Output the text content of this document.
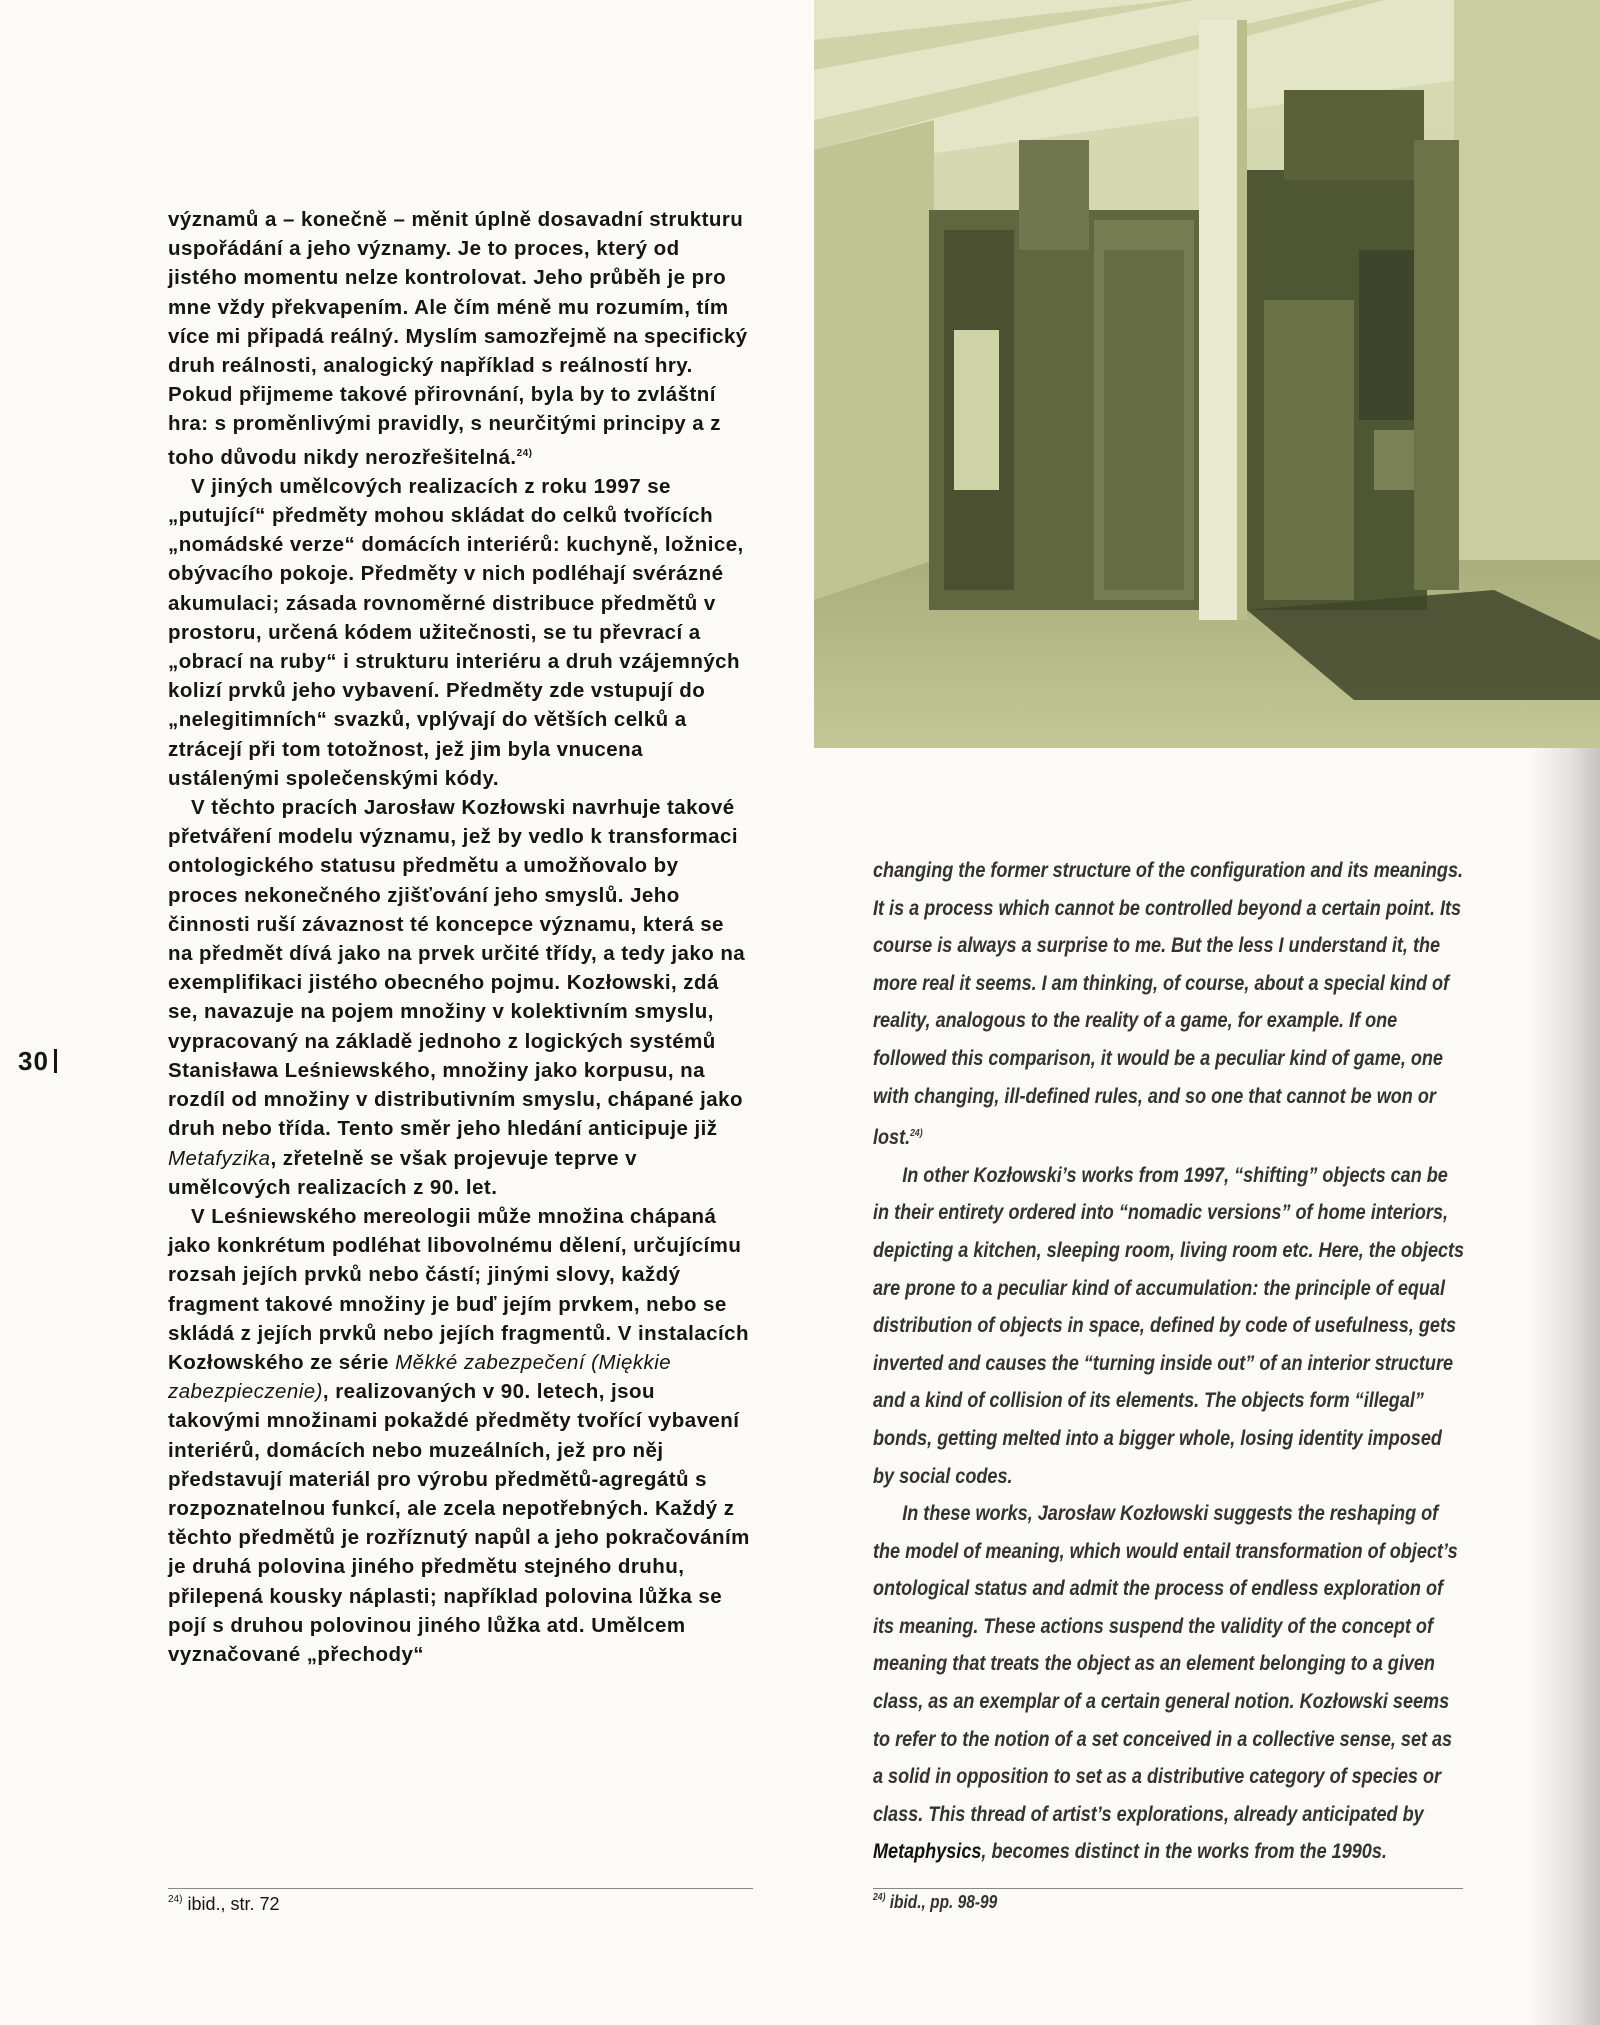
30

významů a – konečně – měnit úplně dosavadní strukturu uspořádání a jeho významy. Je to proces, který od jistého momentu nelze kontrolovat. Jeho průběh je pro mne vždy překvapením. Ale čím méně mu rozumím, tím více mi připadá reálný. Myslím samozřejmě na specifický druh reálnosti, analogický například s reálností hry. Pokud přijmeme takové přirovnání, byla by to zvláštní hra: s proměnlivými pravidly, s neurčitými principy a z toho důvodu nikdy nerozřešitelná.$^{24)}$

V jiných umělcových realizacích z roku 1997 se „putující“ předměty mohou skládat do celků tvořících „nomádské verze“ domácích interiérů: kuchyně, ložnice, obývacího pokoje. Předměty v nich podléhají svérázné akumulaci; zásada rovnoměrné distribuce předmětů v prostoru, určená kódem užitečnosti, se tu převrací a „obrací na ruby“ i strukturu interiéru a druh vzájemných kolizí prvků jeho vybavení. Předměty zde vstupují do „nelegitimních“ svazků, vplývají do větších celků a ztrácejí při tom totožnost, jež jim byla vnucena ustálenými společenskými kódy.

V těchto pracích Jarosław Kozłowski navrhuje takové přetváření modelu významu, jež by vedlo k transformaci ontologického statusu předmětu a umožňovalo by proces nekonečného zjišťování jeho smyslů. Jeho činnosti ruší závaznost té koncepce významu, která se na předmět dívá jako na prvek určité třídy, a tedy jako na exemplifikaci jistého obecného pojmu. Kozłowski, zdá se, navazuje na pojem množiny v kolektivním smyslu, vypracovaný na základě jednoho z logických systémů Stanisława Leśniewského, množiny jako korpusu, na rozdíl od množiny v distributivním smyslu, chápané jako druh nebo třída. Tento směr jeho hledání anticipuje již Metafyzika, zřetelně se však projevuje teprve v umělcových realizacích z 90. let.

V Leśniewského mereologii může množina chápaná jako konkrétum podléhat libovolnému dělení, určujícímu rozsah jejích prvků nebo částí; jinými slovy, každý fragment takové množiny je buď jejím prvkem, nebo se skládá z jejích prvků nebo jejích fragmentů. V instalacích Kozłowského ze série Měkké zabezpečení (Miękkie zabezpieczenie), realizovaných v 90. letech, jsou takovými množinami pokaždé předměty tvořící vybavení interiérů, domácích nebo muzeálních, jež pro něj představují materiál pro výrobu předmětů-agregátů s rozpoznatelnou funkcí, ale zcela nepotřebných. Každý z těchto předmětů je rozříznutý napůl a jeho pokračováním je druhá polovina jiného předmětu stejného druhu, přilepená kousky náplasti; například polovina lůžka se pojí s druhou polovinou jiného lůžka atd. Umělcem vyznačované „přechody“

$^{24)}$ ibid., str. 72

changing the former structure of the configuration and its meanings. It is a process which cannot be controlled beyond a certain point. Its course is always a surprise to me. But the less I understand it, the more real it seems. I am thinking, of course, about a special kind of reality, analogous to the reality of a game, for example. If one followed this comparison, it would be a peculiar kind of game, one with changing, ill-defined rules, and so one that cannot be won or lost.$^{24)}$

In other Kozłowski’s works from 1997, “shifting” objects can be in their entirety ordered into “nomadic versions” of home interiors, depicting a kitchen, sleeping room, living room etc. Here, the objects are prone to a peculiar kind of accumulation: the principle of equal distribution of objects in space, defined by code of usefulness, gets inverted and causes the “turning inside out” of an interior structure and a kind of collision of its elements. The objects form “illegal” bonds, getting melted into a bigger whole, losing identity imposed by social codes.

In these works, Jarosław Kozłowski suggests the reshaping of the model of meaning, which would entail transformation of object’s ontological status and admit the process of endless exploration of its meaning. These actions suspend the validity of the concept of meaning that treats the object as an element belonging to a given class, as an exemplar of a certain general notion. Kozłowski seems to refer to the notion of a set conceived in a collective sense, set as a solid in opposition to set as a distributive category of species or class. This thread of artist’s explorations, already anticipated by Metaphysics, becomes distinct in the works from the 1990s.

$^{24)}$ ibid., pp. 98-99
